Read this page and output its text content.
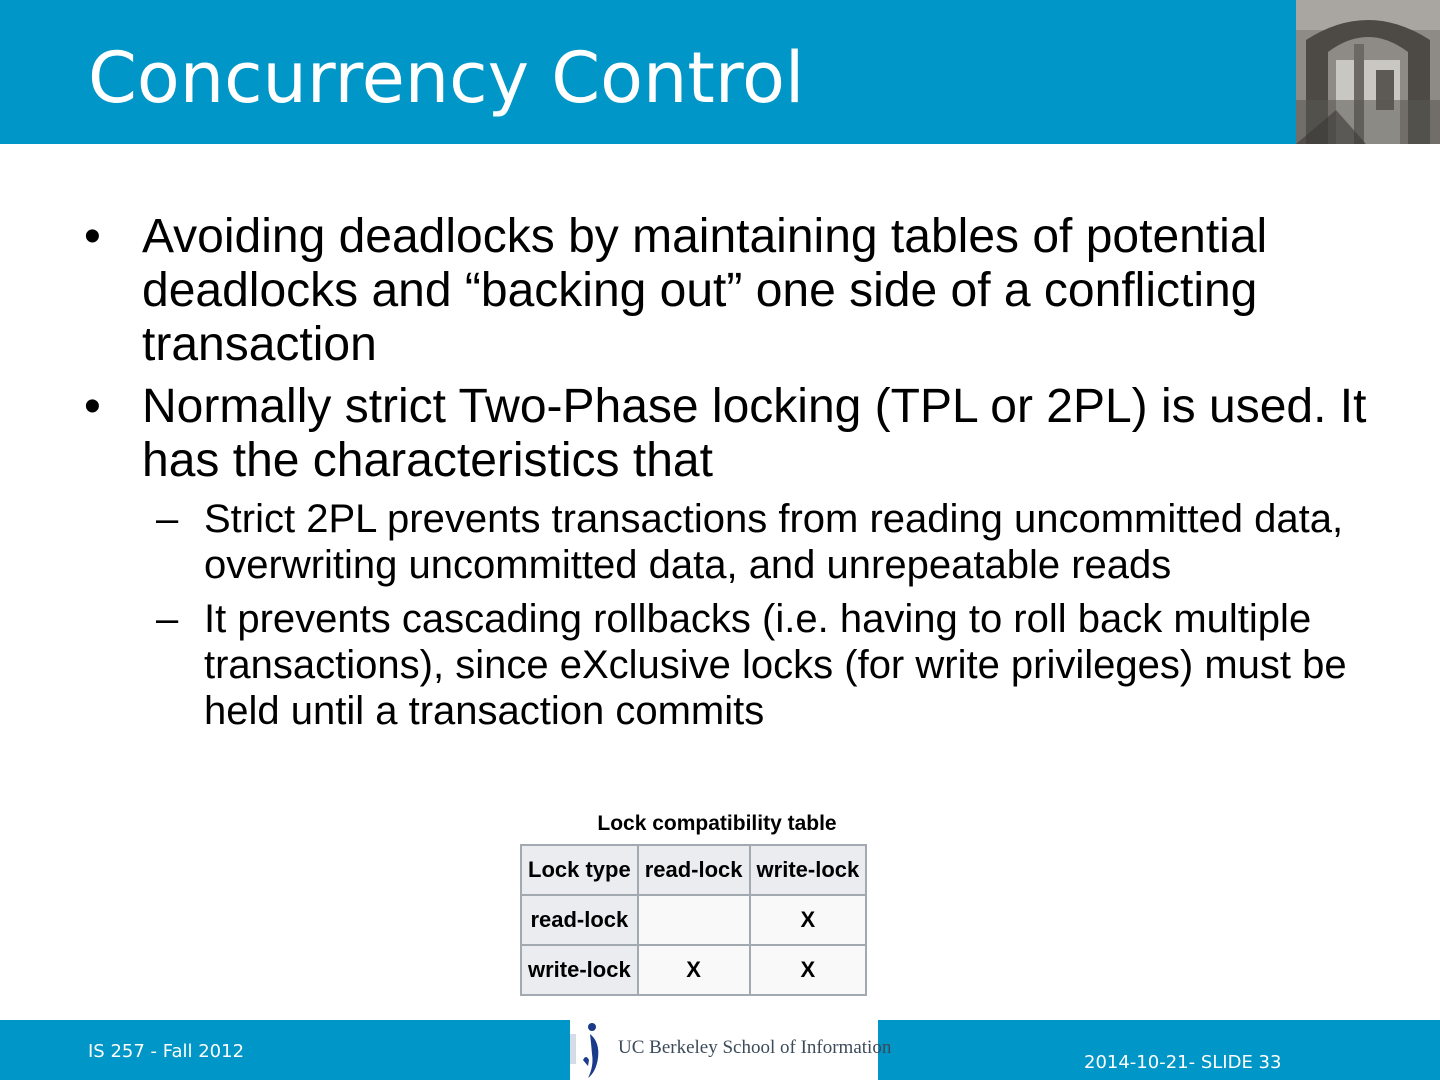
Concurrency Control
• Avoiding deadlocks by maintaining tables of potential deadlocks and “backing out” one side of a conflicting transaction
• Normally strict Two-Phase locking (TPL or 2PL) is used. It has the characteristics that
– Strict 2PL prevents transactions from reading uncommitted data, overwriting uncommitted data, and unrepeatable reads
– It prevents cascading rollbacks (i.e. having to roll back multiple transactions), since eXclusive locks (for write privileges) must be held until a transaction commits
Lock compatibility table
Lock type	read-lock	write-lock
read-lock		X
write-lock	X	X
IS 257 - Fall 2012
2014-10-21- SLIDE 33
UC Berkeley School of Information
